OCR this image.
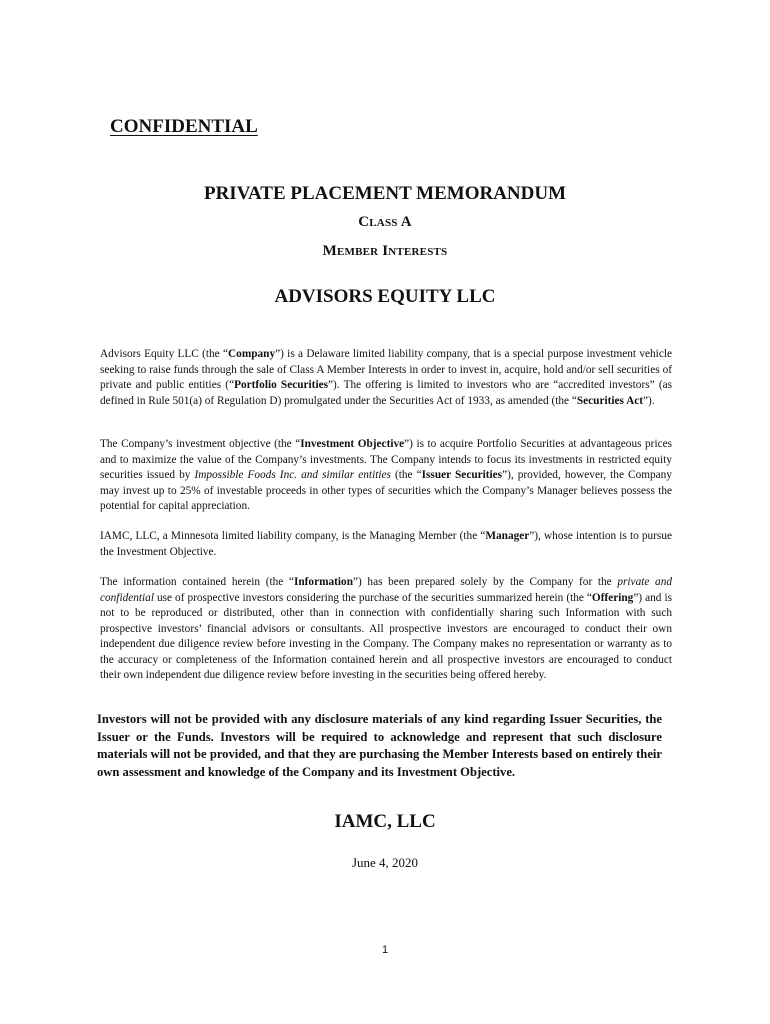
CONFIDENTIAL
PRIVATE PLACEMENT MEMORANDUM
Class A
Member Interests
ADVISORS EQUITY LLC

Advisors Equity LLC (the “Company”) is a Delaware limited liability company, that is a special purpose investment vehicle seeking to raise funds through the sale of Class A Member Interests in order to invest in, acquire, hold and/or sell securities of private and public entities (“Portfolio Securities”). The offering is limited to investors who are “accredited investors” (as defined in Rule 501(a) of Regulation D) promulgated under the Securities Act of 1933, as amended (the “Securities Act”).

The Company’s investment objective (the “Investment Objective”) is to acquire Portfolio Securities at advantageous prices and to maximize the value of the Company’s investments. The Company intends to focus its investments in restricted equity securities issued by Impossible Foods Inc. and similar entities (the “Issuer Securities”), provided, however, the Company may invest up to 25% of investable proceeds in other types of securities which the Company’s Manager believes possess the potential for capital appreciation.

IAMC, LLC, a Minnesota limited liability company, is the Managing Member (the “Manager”), whose intention is to pursue the Investment Objective.

The information contained herein (the “Information”) has been prepared solely by the Company for the private and confidential use of prospective investors considering the purchase of the securities summarized herein (the “Offering”) and is not to be reproduced or distributed, other than in connection with confidentially sharing such Information with such prospective investors’ financial advisors or consultants. All prospective investors are encouraged to conduct their own independent due diligence review before investing in the Company. The Company makes no representation or warranty as to the accuracy or completeness of the Information contained herein and all prospective investors are encouraged to conduct their own independent due diligence review before investing in the securities being offered hereby.

Investors will not be provided with any disclosure materials of any kind regarding Issuer Securities, the Issuer or the Funds. Investors will be required to acknowledge and represent that such disclosure materials will not be provided, and that they are purchasing the Member Interests based on entirely their own assessment and knowledge of the Company and its Investment Objective.

IAMC, LLC
June 4, 2020
1
